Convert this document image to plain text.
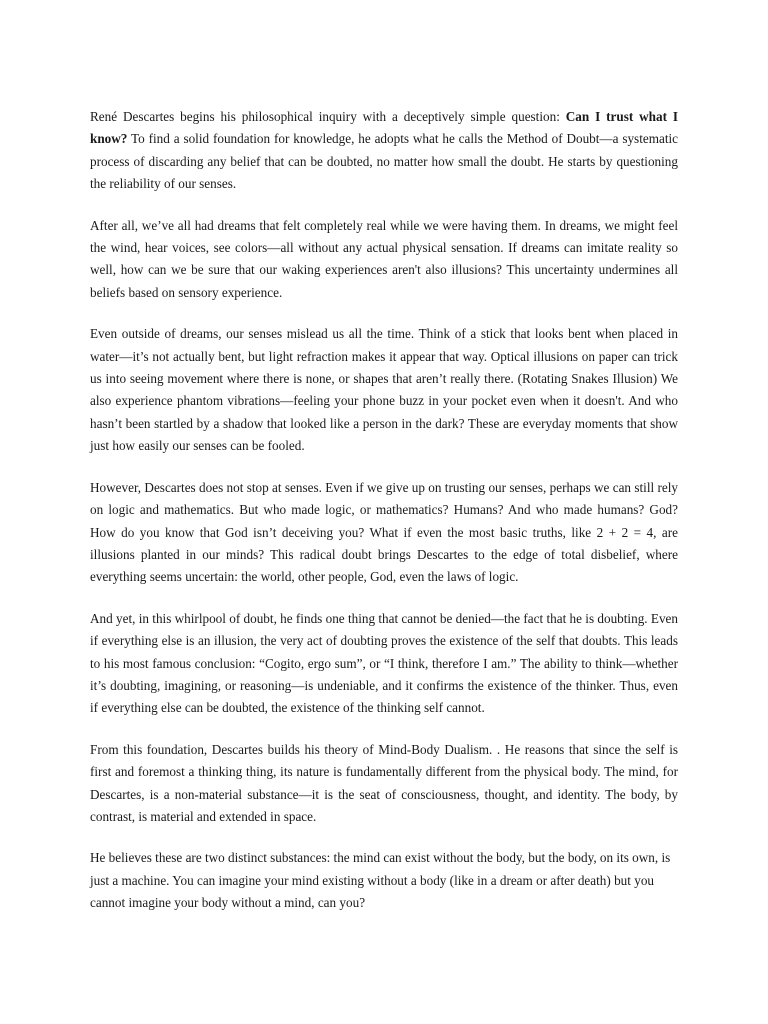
René Descartes begins his philosophical inquiry with a deceptively simple question: Can I trust what I know? To find a solid foundation for knowledge, he adopts what he calls the Method of Doubt—a systematic process of discarding any belief that can be doubted, no matter how small the doubt. He starts by questioning the reliability of our senses.

After all, we’ve all had dreams that felt completely real while we were having them. In dreams, we might feel the wind, hear voices, see colors—all without any actual physical sensation. If dreams can imitate reality so well, how can we be sure that our waking experiences aren't also illusions? This uncertainty undermines all beliefs based on sensory experience.

Even outside of dreams, our senses mislead us all the time. Think of a stick that looks bent when placed in water—it’s not actually bent, but light refraction makes it appear that way. Optical illusions on paper can trick us into seeing movement where there is none, or shapes that aren’t really there. (Rotating Snakes Illusion) We also experience phantom vibrations—feeling your phone buzz in your pocket even when it doesn't. And who hasn’t been startled by a shadow that looked like a person in the dark? These are everyday moments that show just how easily our senses can be fooled.

However, Descartes does not stop at senses. Even if we give up on trusting our senses, perhaps we can still rely on logic and mathematics. But who made logic, or mathematics? Humans? And who made humans? God? How do you know that God isn’t deceiving you? What if even the most basic truths, like 2 + 2 = 4, are illusions planted in our minds? This radical doubt brings Descartes to the edge of total disbelief, where everything seems uncertain: the world, other people, God, even the laws of logic.

And yet, in this whirlpool of doubt, he finds one thing that cannot be denied—the fact that he is doubting. Even if everything else is an illusion, the very act of doubting proves the existence of the self that doubts. This leads to his most famous conclusion: “Cogito, ergo sum”, or “I think, therefore I am.” The ability to think—whether it’s doubting, imagining, or reasoning—is undeniable, and it confirms the existence of the thinker. Thus, even if everything else can be doubted, the existence of the thinking self cannot.

From this foundation, Descartes builds his theory of Mind-Body Dualism. . He reasons that since the self is first and foremost a thinking thing, its nature is fundamentally different from the physical body. The mind, for Descartes, is a non-material substance—it is the seat of consciousness, thought, and identity. The body, by contrast, is material and extended in space.

He believes these are two distinct substances: the mind can exist without the body, but the body, on its own, is just a machine. You can imagine your mind existing without a body (like in a dream or after death) but you cannot imagine your body without a mind, can you?
